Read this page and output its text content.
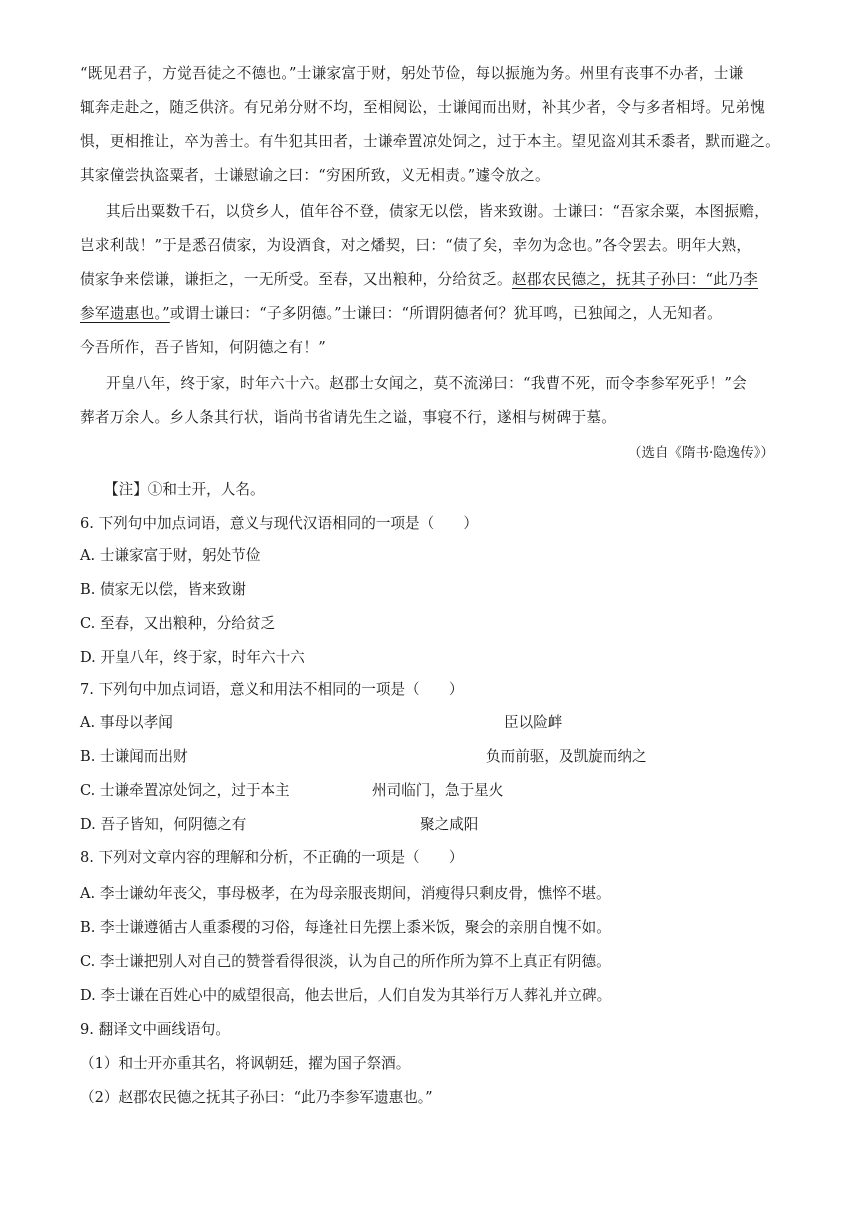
“既见君子，方觉吾徒之不德也。”士谦家富于财，躬处节俭，每以振施为务。州里有丧事不办者，士谦
辄奔走赴之，随乏供济。有兄弟分财不均，至相阋讼，士谦闻而出财，补其少者，令与多者相埒。兄弟愧
惧，更相推让，卒为善士。有牛犯其田者，士谦牵置凉处饲之，过于本主。望见盗刈其禾黍者，默而避之。
其家僮尝执盗粟者，士谦慰谕之曰：“穷困所致，义无相责。”遽令放之。
其后出粟数千石，以贷乡人，值年谷不登，债家无以偿，皆来致谢。士谦曰：“吾家余粟，本图振赡，
岂求利哉！”于是悉召债家，为设酒食，对之燔契，曰：“债了矣，幸勿为念也。”各令罢去。明年大熟，
债家争来偿谦，谦拒之，一无所受。至春，又出粮种，分给贫乏。赵郡农民德之，抚其子孙曰：“此乃李
参军遗惠也。”或谓士谦曰：“子多阴德。”士谦曰：“所谓阴德者何？犹耳鸣，已独闻之，人无知者。
今吾所作，吾子皆知，何阴德之有！”
开皇八年，终于家，时年六十六。赵郡士女闻之，莫不流涕曰：“我曹不死，而令李参军死乎！”会
葬者万余人。乡人条其行状，诣尚书省请先生之谥，事寝不行，遂相与树碑于墓。
（选自《隋书·隐逸传》）
【注】①和士开，人名。
6. 下列句中加点词语，意义与现代汉语相同的一项是（　　）
A. 士谦家富于财，躬处节俭
B. 债家无以偿，皆来致谢
C. 至春，又出粮种，分给贫乏
D. 开皇八年，终于家，时年六十六
7. 下列句中加点词语，意义和用法不相同的一项是（　　）
A. 事母以孝闻	臣以险衅
B. 士谦闻而出财	负而前驱，及凯旋而纳之
C. 士谦牵置凉处饲之，过于本主	州司临门，急于星火
D. 吾子皆知，何阴德之有	聚之咸阳
8. 下列对文章内容的理解和分析，不正确的一项是（　　）
A. 李士谦幼年丧父，事母极孝，在为母亲服丧期间，消瘦得只剩皮骨，憔悴不堪。
B. 李士谦遵循古人重黍稷的习俗，每逢社日先摆上黍米饭，聚会的亲朋自愧不如。
C. 李士谦把别人对自己的赞誉看得很淡，认为自己的所作所为算不上真正有阴德。
D. 李士谦在百姓心中的威望很高，他去世后，人们自发为其举行万人葬礼并立碑。
9. 翻译文中画线语句。
（1）和士开亦重其名，将讽朝廷，擢为国子祭酒。
（2）赵郡农民德之抚其子孙曰：“此乃李参军遗惠也。”
